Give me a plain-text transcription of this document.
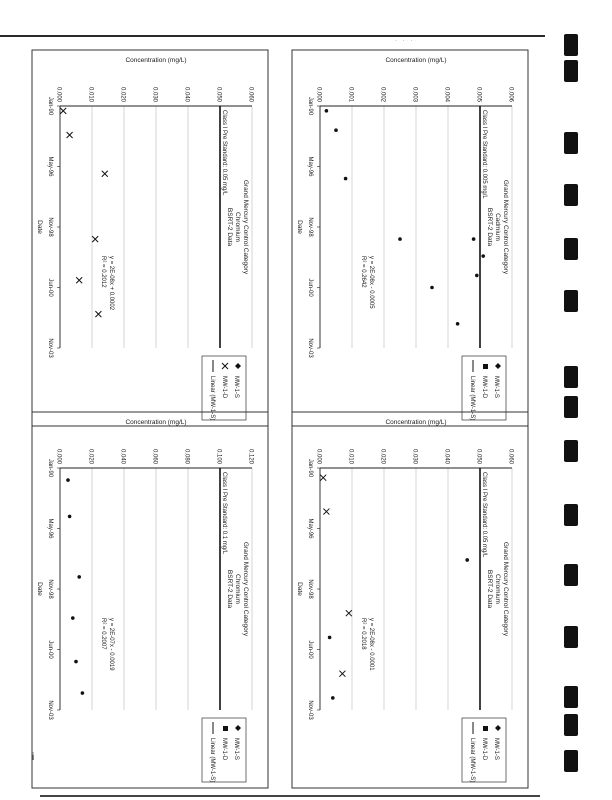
· · ·
i
0.000	0.010	0.020	0.030	0.040	0.050	0.060
Jan-90
May-96
Nov-98
Jun-00
Nov-03
Date
Concentration (mg/L)
Class I Pre Standard: 0.05 mg/L
Grand Mercury Control Category
Chromium
BSRT-2 Data
MW-1-S
MW-1-D
Linear (MW-1-S)
y = 2E-08x + 0.0002
R² = 0.2012
0.000	0.001	0.002	0.003	0.004	0.005	0.006
Jan-90
May-96
Nov-98
Jun-00
Nov-03
Date
Concentration (mg/L)
Class I Pre Standard: 0.005 mg/L
Grand Mercury Control Category
Cadmium
BSRT-2 Data
MW-1-S
MW-1-D
Linear (MW-1-S)
y = 2E-08x - 0.0005
R² = 0.2642
0.000	0.020	0.040	0.060	0.080	0.100	0.120
Jan-90
May-96
Nov-98
Jun-00
Nov-03
Date
Concentration (mg/L)
Class I Pre Standard: 0.1 mg/L
Grand Mercury Control Category
Chromium
BSRT-2 Data
MW-1-S
MW-1-D
Linear (MW-1-S)
y = 2E-07x - 0.0019
R² = 0.2007
0.000	0.010	0.020	0.030	0.040	0.050	0.060
Jan-90
May-96
Nov-98
Jun-00
Nov-03
Date
Concentration (mg/L)
Class I Pre Standard: 0.05 mg/L
Grand Mercury Control Category
Chromium
BSRT-2 Data
MW-1-S
MW-1-D
Linear (MW-1-S)
y = 2E-08x - 0.0001
R² = 0.2018
